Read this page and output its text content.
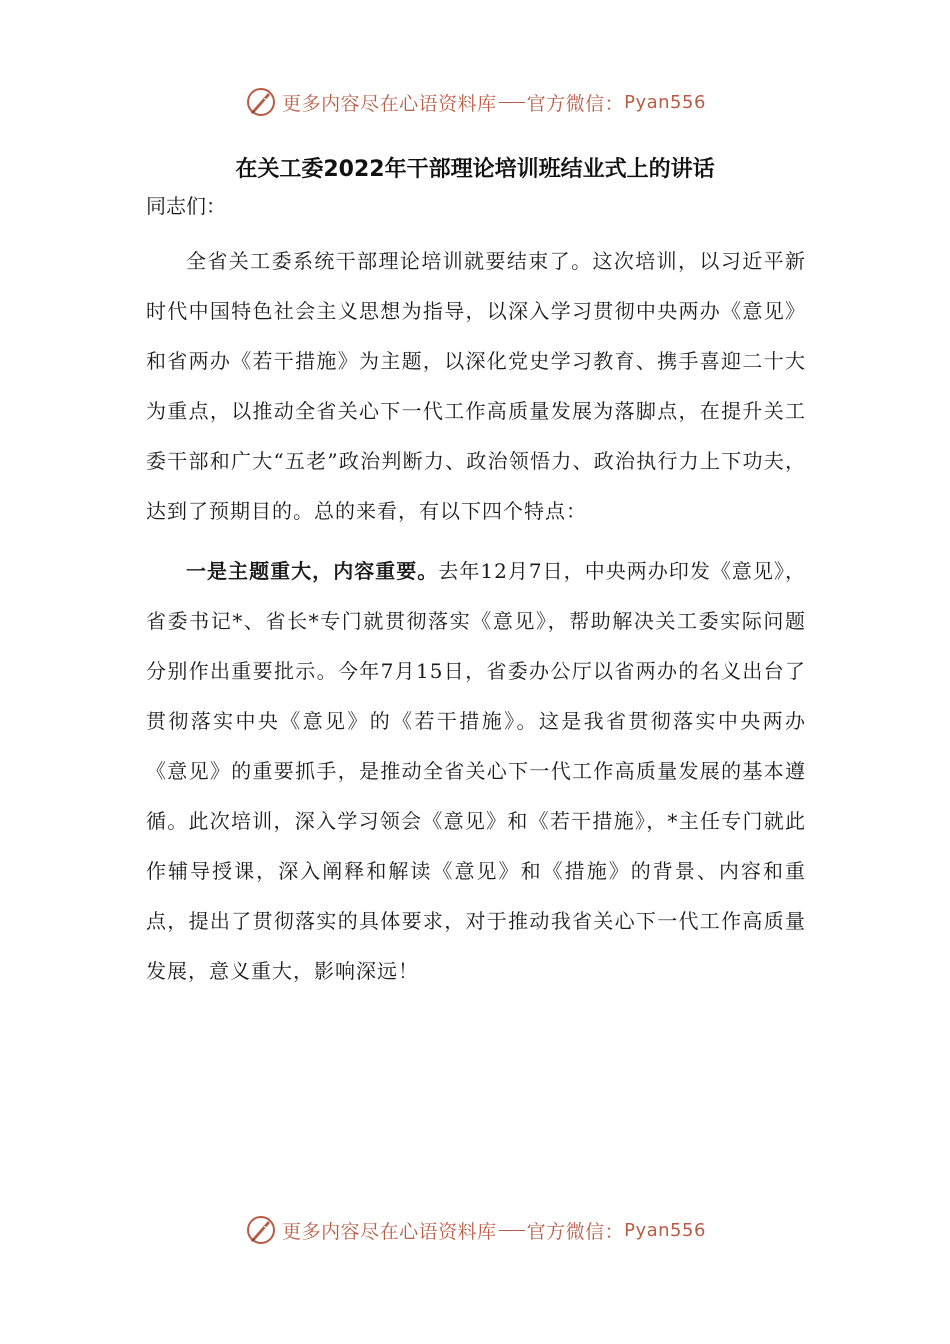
更多内容尽在心语资料库 官方微信： Pyan556
在关工委2022年干部理论培训班结业式上的讲话

同志们：

全省关工委系统干部理论培训就要结束了。这次培训，以习近平新时代中国特色社会主义思想为指导，以深入学习贯彻中央两办《意见》和省两办《若干措施》为主题，以深化党史学习教育、携手喜迎二十大为重点，以推动全省关心下一代工作高质量发展为落脚点，在提升关工委干部和广大“五老”政治判断力、政治领悟力、政治执行力上下功夫，达到了预期目的。总的来看，有以下四个特点：

一是主题重大，内容重要。去年12月7日，中央两办印发《意见》，省委书记*、省长*专门就贯彻落实《意见》，帮助解决关工委实际问题分别作出重要批示。今年7月15日，省委办公厅以省两办的名义出台了贯彻落实中央《意见》的《若干措施》。这是我省贯彻落实中央两办《意见》的重要抓手，是推动全省关心下一代工作高质量发展的基本遵循。此次培训，深入学习领会《意见》和《若干措施》，*主任专门就此作辅导授课，深入阐释和解读《意见》和《措施》的背景、内容和重点，提出了贯彻落实的具体要求，对于推动我省关心下一代工作高质量发展，意义重大，影响深远！

更多内容尽在心语资料库 官方微信： Pyan556
